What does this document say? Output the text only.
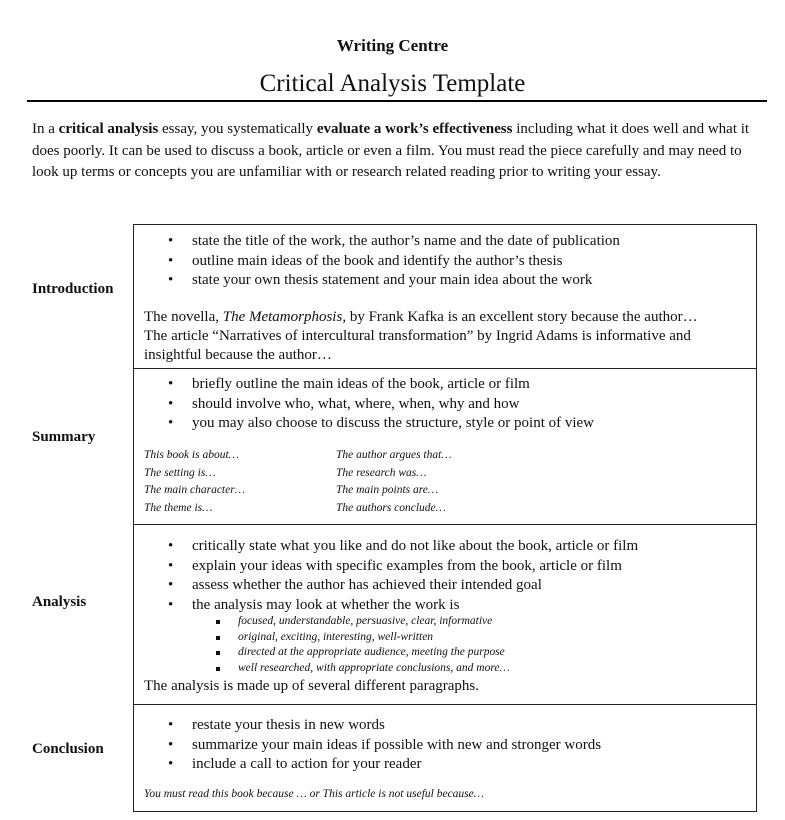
Writing Centre
Critical Analysis Template
In a critical analysis essay, you systematically evaluate a work’s effectiveness including what it does well and what it does poorly. It can be used to discuss a book, article or even a film. You must read the piece carefully and may need to look up terms or concepts you are unfamiliar with or research related reading prior to writing your essay.
Introduction
• state the title of the work, the author’s name and the date of publication
• outline main ideas of the book and identify the author’s thesis
• state your own thesis statement and your main idea about the work
The novella, The Metamorphosis, by Frank Kafka is an excellent story because the author…
The article “Narratives of intercultural transformation” by Ingrid Adams is informative and insightful because the author…
Summary
• briefly outline the main ideas of the book, article or film
• should involve who, what, where, when, why and how
• you may also choose to discuss the structure, style or point of view
This book is about…
The setting is…
The main character…
The theme is…
The author argues that…
The research was…
The main points are…
The authors conclude…
Analysis
• critically state what you like and do not like about the book, article or film
• explain your ideas with specific examples from the book, article or film
• assess whether the author has achieved their intended goal
• the analysis may look at whether the work is
focused, understandable, persuasive, clear, informative
original, exciting, interesting, well-written
directed at the appropriate audience, meeting the purpose
well researched, with appropriate conclusions, and more…
The analysis is made up of several different paragraphs.
Conclusion
• restate your thesis in new words
• summarize your main ideas if possible with new and stronger words
• include a call to action for your reader
You must read this book because … or This article is not useful because…
